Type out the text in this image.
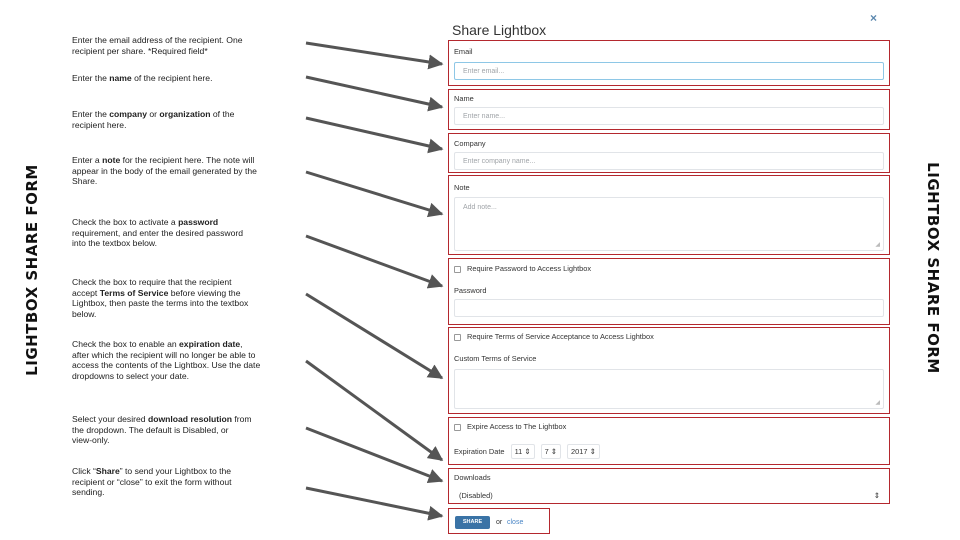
LIGHTBOX SHARE FORM	LIGHTBOX SHARE FORM
Enter the email address of the recipient. One
recipient per share. *Required field*
Enter the name of the recipient here.
Enter the company or organization of the
recipient here.
Enter a note for the recipient here. The note will
appear in the body of the email generated by the
Share.
Check the box to activate a password
requirement, and enter the desired password
into the textbox below.
Check the box to require that the recipient
accept Terms of Service before viewing the
Lightbox, then paste the terms into the textbox
below.
Check the box to enable an expiration date,
after which the recipient will no longer be able to
access the contents of the Lightbox. Use the date
dropdowns to select your date.
Select your desired download resolution from
the dropdown. The default is Disabled, or
view-only.
Click “Share” to send your Lightbox to the
recipient or “close” to exit the form without
sending.
Share Lightbox
×
Email
Enter email...
Name
Enter name...
Company
Enter company name...
Note
Add note...
◢
Require Password to Access Lightbox
Password
Require Terms of Service Acceptance to Access Lightbox
Custom Terms of Service
◢
Expire Access to The Lightbox
Expiration Date 11 ⇕ 7 ⇕ 2017 ⇕
Downloads
(Disabled)	⇕
SHARE	or close
